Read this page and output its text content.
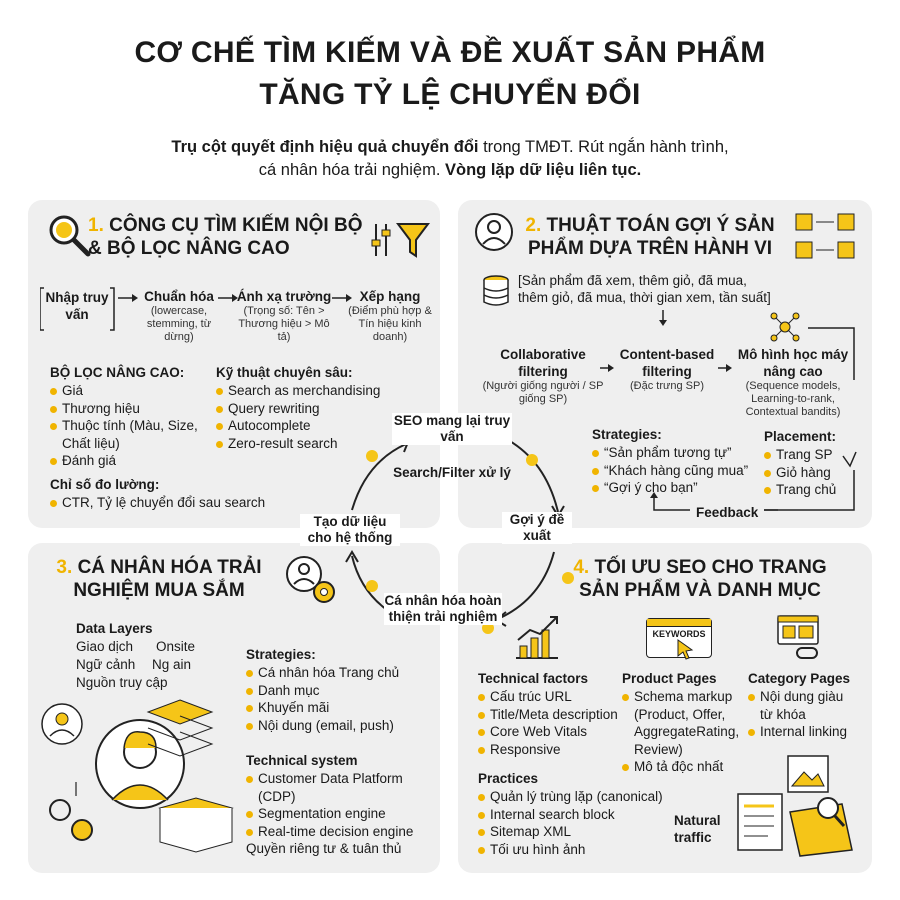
CƠ CHẾ TÌM KIẾM VÀ ĐỀ XUẤT SẢN PHẨM
TĂNG TỶ LỆ CHUYỂN ĐỔI
Trụ cột quyết định hiệu quả chuyển đổi trong TMĐT. Rút ngắn hành trình,
cá nhân hóa trải nghiệm. Vòng lặp dữ liệu liên tục.
1. CÔNG CỤ TÌM KIẾM NỘI BỘ
& BỘ LỌC NÂNG CAO
Nhập truy vấn
Chuẩn hóa
(lowercase, stemming, từ dừng)
Ánh xạ trường
(Trọng số: Tên > Thương hiệu > Mô tả)
Xếp hạng
(Điểm phù hợp & Tín hiệu kinh doanh)
BỘ LỌC NÂNG CAO:
Giá
Thương hiệu
Thuộc tính (Màu, Size, Chất liệu)
Đánh giá
Kỹ thuật chuyên sâu:
Search as merchandising
Query rewriting
Autocomplete
Zero-result search
Chỉ số đo lường:
CTR, Tỷ lệ chuyển đổi sau search
2. THUẬT TOÁN GỢI Ý SẢN
PHẨM DỰA TRÊN HÀNH VI
[Sản phẩm đã xem, thêm giỏ, đã mua,
thêm giỏ, đã mua, thời gian xem, tần suất]
Collaborative filtering
(Người giống người / SP giống SP)
Content-based filtering
(Đặc trưng SP)
Mô hình học máy nâng cao
(Sequence models, Learning-to-rank, Contextual bandits)
Strategies:
“Sản phẩm tương tự”
“Khách hàng cũng mua”
“Gợi ý cho bạn”
Placement:
Trang SP
Giỏ hàng
Trang chủ
Feedback
3. CÁ NHÂN HÓA TRẢI
NGHIỆM MUA SẮM
Data Layers
Giao dịch	Onsite
Ngữ cảnh	Ng ain
Nguồn truy cập
Strategies:
Cá nhân hóa Trang chủ
Danh mục
Khuyến mãi
Nội dung (email, push)
Technical system
Customer Data Platform (CDP)
Segmentation engine
Real-time decision engine
Quyền riêng tư & tuân thủ
4. TỐI ƯU SEO CHO TRANG
SẢN PHẨM VÀ DANH MỤC
KEYWORDS
Technical factors
Cấu trúc URL
Title/Meta description
Core Web Vitals
Responsive
Product Pages
Schema markup (Product, Offer, AggregateRating, Review)
Mô tả độc nhất
Category Pages
Nội dung giàu từ khóa
Internal linking
Practices
Quản lý trùng lặp (canonical)
Internal search block
Sitemap XML
Tối ưu hình ảnh
Natural traffic
SEO mang lại truy vấn
Search/Filter xử lý
Gợi ý đề xuất
Cá nhân hóa hoàn thiện trải nghiệm
Tạo dữ liệu cho hệ thống
